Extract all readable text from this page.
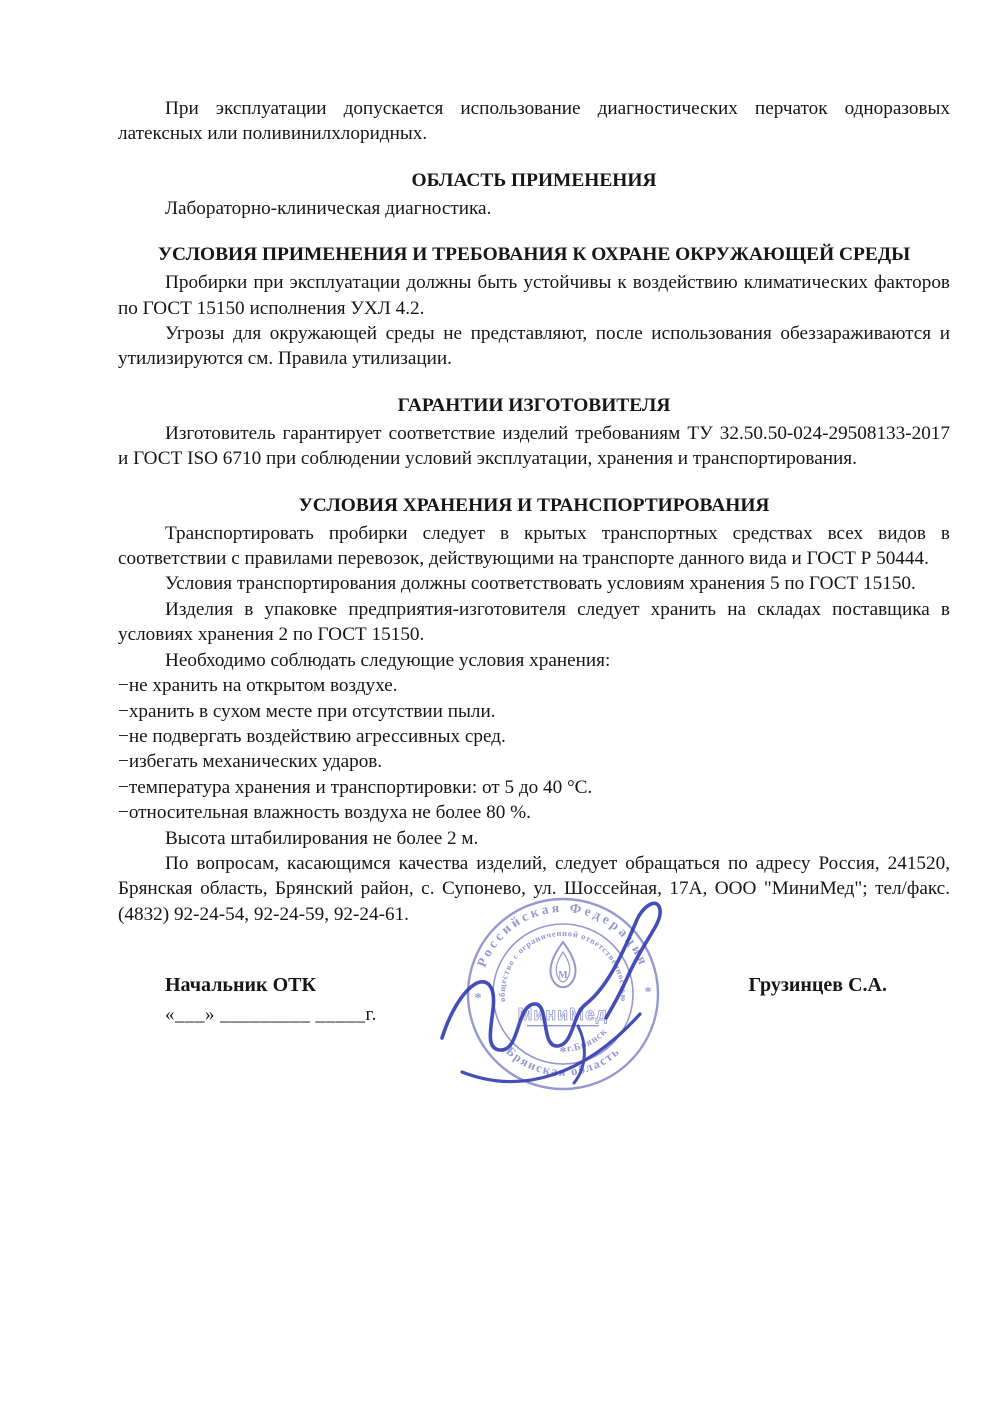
При эксплуатации допускается использование диагностических перчаток одноразовых латексных или поливинилхлоридных.

ОБЛАСТЬ ПРИМЕНЕНИЯ

Лабораторно-клиническая диагностика.

УСЛОВИЯ ПРИМЕНЕНИЯ И ТРЕБОВАНИЯ К ОХРАНЕ ОКРУЖАЮЩЕЙ СРЕДЫ

Пробирки при эксплуатации должны быть устойчивы к воздействию климатических факторов по ГОСТ 15150 исполнения УХЛ 4.2.

Угрозы для окружающей среды не представляют, после использования обеззараживаются и утилизируются см. Правила утилизации.

ГАРАНТИИ ИЗГОТОВИТЕЛЯ

Изготовитель гарантирует соответствие изделий требованиям ТУ 32.50.50-024-29508133-2017 и ГОСТ ISO 6710 при соблюдении условий эксплуатации, хранения и транспортирования.

УСЛОВИЯ ХРАНЕНИЯ И ТРАНСПОРТИРОВАНИЯ

Транспортировать пробирки следует в крытых транспортных средствах всех видов в соответствии с правилами перевозок, действующими на транспорте данного вида и ГОСТ Р 50444.

Условия транспортирования должны соответствовать условиям хранения 5 по ГОСТ 15150.

Изделия в упаковке предприятия-изготовителя следует хранить на складах поставщика в условиях хранения 2 по ГОСТ 15150.

Необходимо соблюдать следующие условия хранения:

−не хранить на открытом воздухе.

−хранить в сухом месте при отсутствии пыли.

−не подвергать воздействию агрессивных сред.

−избегать механических ударов.

−температура хранения и транспортировки: от 5 до 40 °С.

−относительная влажность воздуха не более 80 %.

Высота штабилирования не более 2 м.

По вопросам, касающимся качества изделий, следует обращаться по адресу Россия, 241520, Брянская область, Брянский район, с. Супонево, ул. Шоссейная, 17А, ООО "МиниМед"; тел/факс. (4832) 92-24-54, 92-24-59, 92-24-61.

Начальник ОТК
«___» _________ _____г.
Грузинцев С.А.
Российская Федерация
Брянская область
общество с ограниченной ответственностью
г.Брянск
*	*
*
М
МиниМед
